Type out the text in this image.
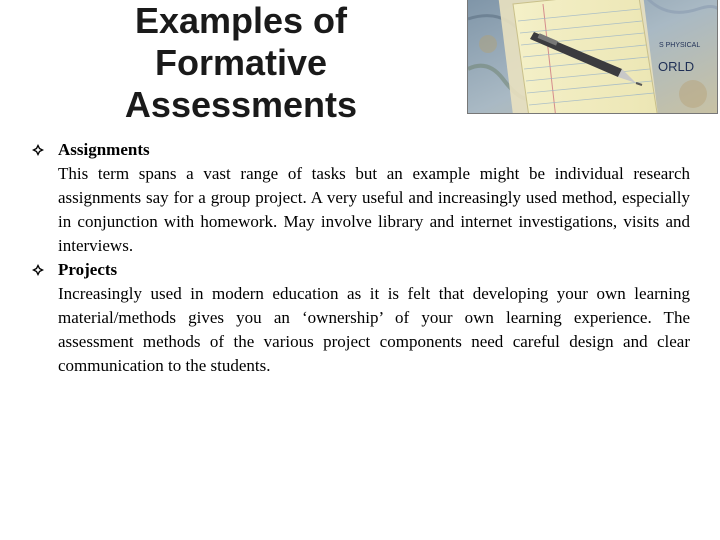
Examples of
Formative
Assessments
S PHYSICAL
ORLD
Assignments
This term spans a vast range of tasks but an example might be individual research assignments say for a group project. A very useful and increasingly used method, especially in conjunction with homework. May involve library and internet investigations, visits and interviews.
Projects
Increasingly used in modern education as it is felt that developing your own learning material/methods gives you an ‘ownership’ of your own learning experience. The assessment methods of the various project components need careful design and clear communication to the students.
